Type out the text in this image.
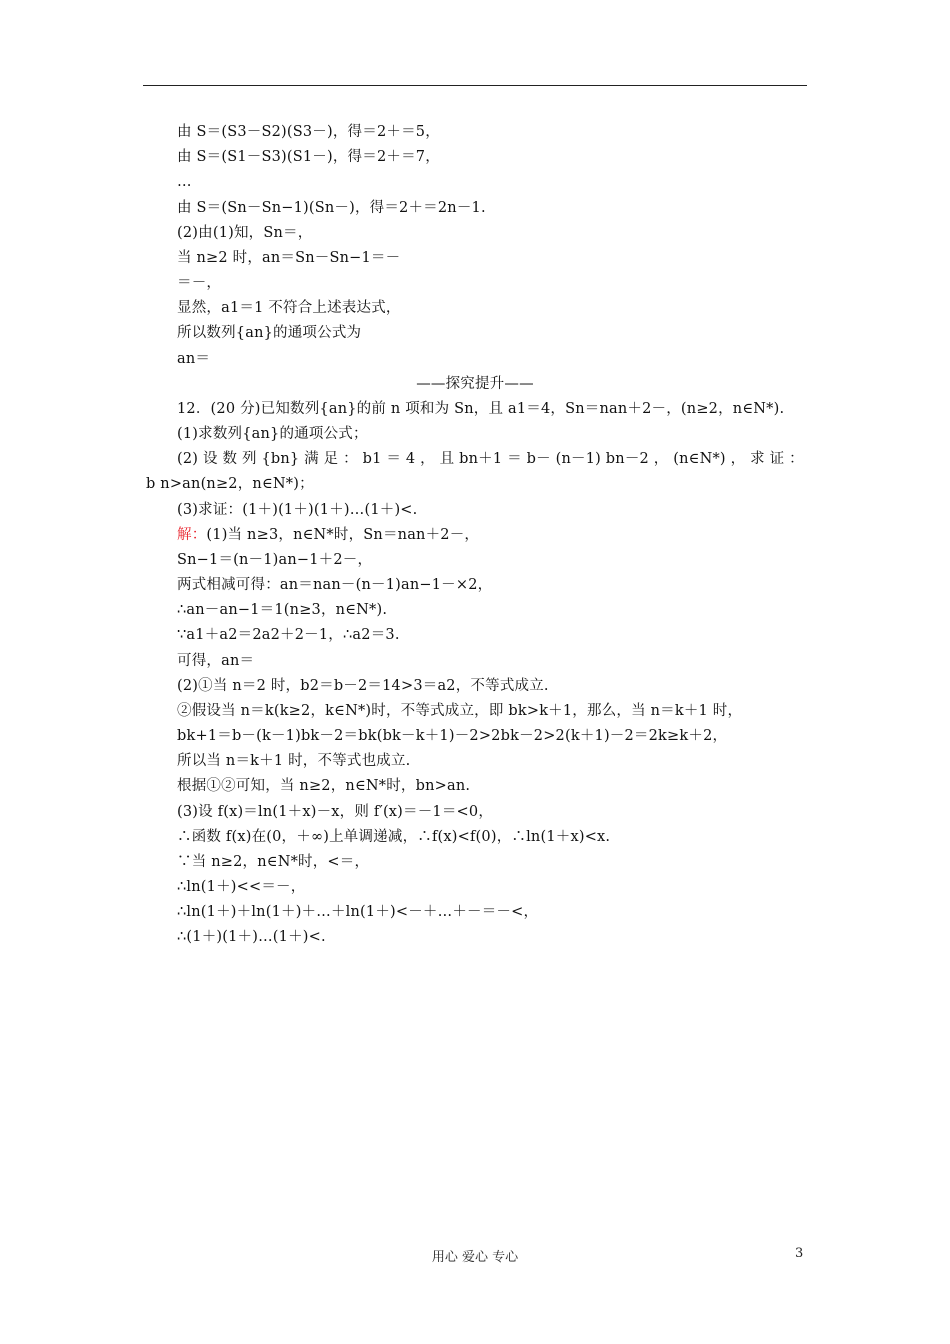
由 S＝(S3－S2)(S3－)，得＝2＋＝5，
由 S＝(S1－S3)(S1－)，得＝2＋＝7，
…
由 S＝(Sn－Sn−1)(Sn－)，得＝2＋＝2n－1.
(2)由(1)知，Sn＝，
当 n≥2 时，an＝Sn－Sn−1＝－
＝－，
显然，a1＝1 不符合上述表达式，
所以数列{an}的通项公式为
an＝
——探究提升——
12．(20 分)已知数列{an}的前 n 项和为 Sn，且 a1＝4，Sn＝nan＋2－，(n≥2，n∈N*).
(1)求数列{an}的通项公式；
(2) 设 数 列 {bn} 满 足 ： b1 ＝ 4 ， 且 bn＋1 ＝ b－ (n－1) bn－2 ， (n∈N*) ， 求 证 ：
b n>an(n≥2，n∈N*)；
(3)求证：(1＋)(1＋)(1＋)…(1＋)<.
解：(1)当 n≥3，n∈N*时，Sn＝nan＋2－，
Sn−1＝(n－1)an−1＋2－，
两式相减可得：an＝nan－(n－1)an−1－×2，
∴an－an−1＝1(n≥3，n∈N*).
∵a1＋a2＝2a2＋2－1，∴a2＝3.
可得，an＝
(2)①当 n＝2 时，b2＝b－2＝14>3＝a2，不等式成立.
②假设当 n＝k(k≥2，k∈N*)时，不等式成立，即 bk>k＋1，那么，当 n＝k＋1 时，
bk+1＝b－(k－1)bk－2＝bk(bk－k＋1)－2>2bk－2>2(k＋1)－2＝2k≥k＋2，
所以当 n＝k＋1 时，不等式也成立.
根据①②可知，当 n≥2，n∈N*时，bn>an.
(3)设 f(x)＝ln(1＋x)－x，则 f′(x)＝－1＝<0，
∴函数 f(x)在(0，＋∞)上单调递减，∴f(x)<f(0)，∴ln(1＋x)<x.
∵当 n≥2，n∈N*时，<＝，
∴ln(1＋)<<＝－，
∴ln(1＋)＋ln(1＋)＋…＋ln(1＋)<－＋…＋－＝－<，
∴(1＋)(1＋)…(1＋)<.
用心 爱心 专心	3
